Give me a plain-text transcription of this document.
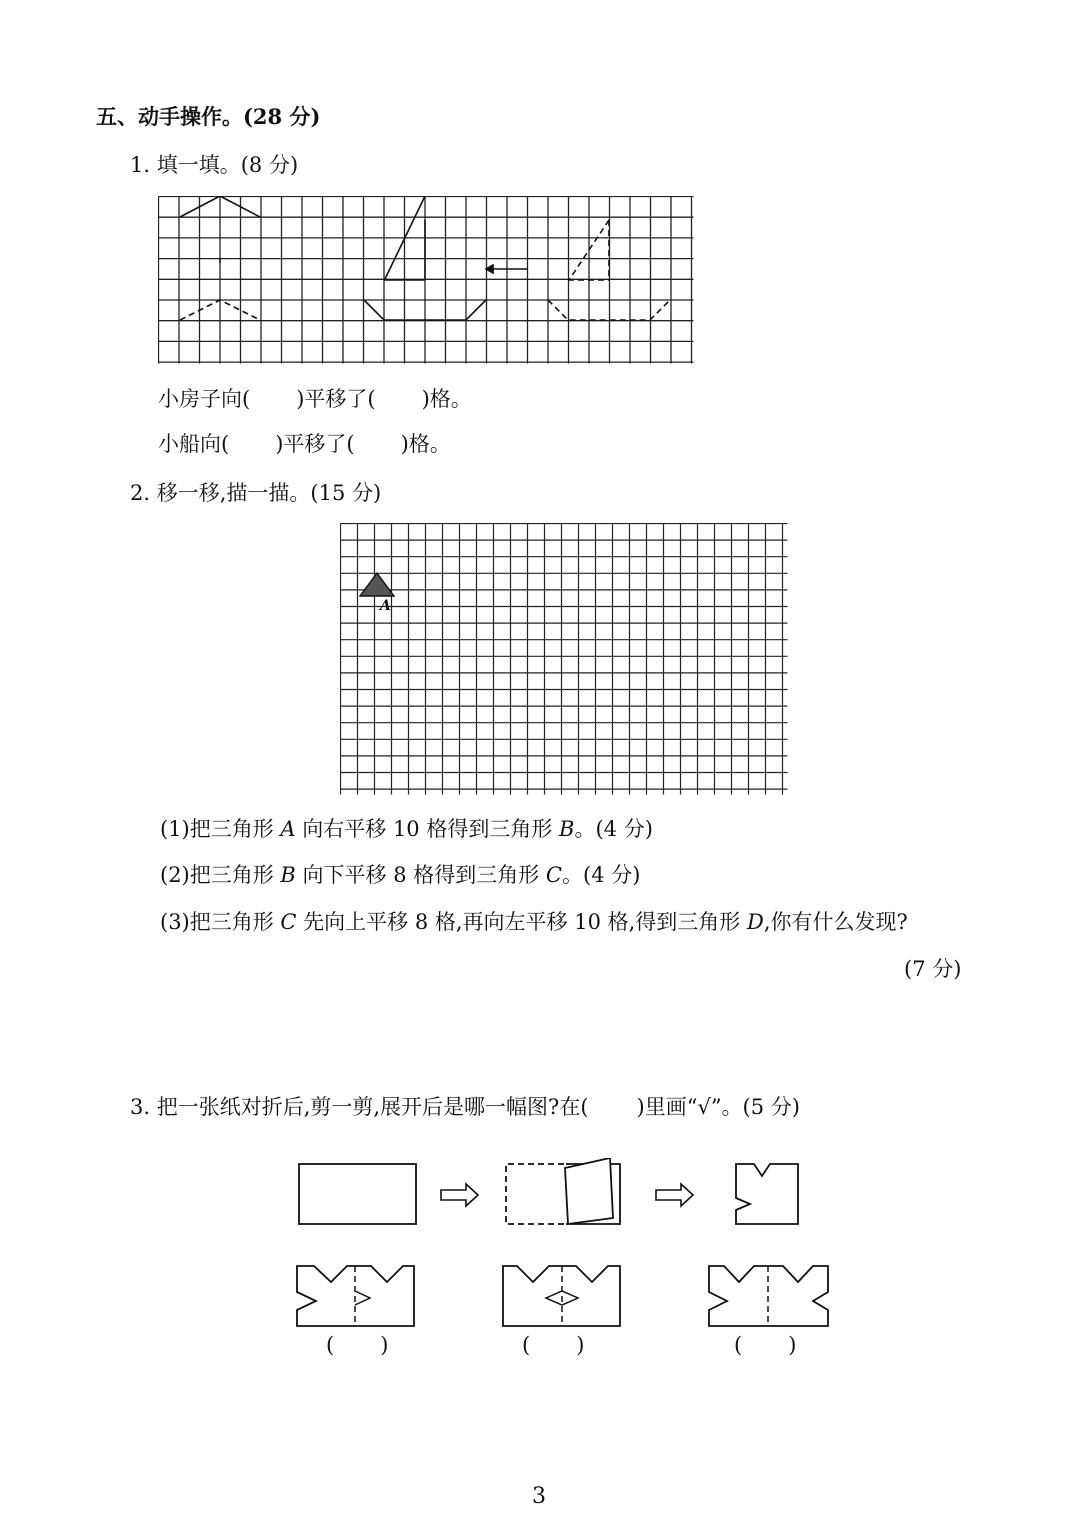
五、动手操作。(28 分)
1. 填一填。(8 分)
小房子向( )平移了( )格。
小船向( )平移了( )格。
2. 移一移,描一描。(15 分)
A
(1)把三角形 A 向右平移 10 格得到三角形 B。(4 分)
(2)把三角形 B 向下平移 8 格得到三角形 C。(4 分)
(3)把三角形 C 先向上平移 8 格,再向左平移 10 格,得到三角形 D,你有什么发现?
(7 分)
3. 把一张纸对折后,剪一剪,展开后是哪一幅图?在( )里画“√”。(5 分)
( )	( )	( )
3
